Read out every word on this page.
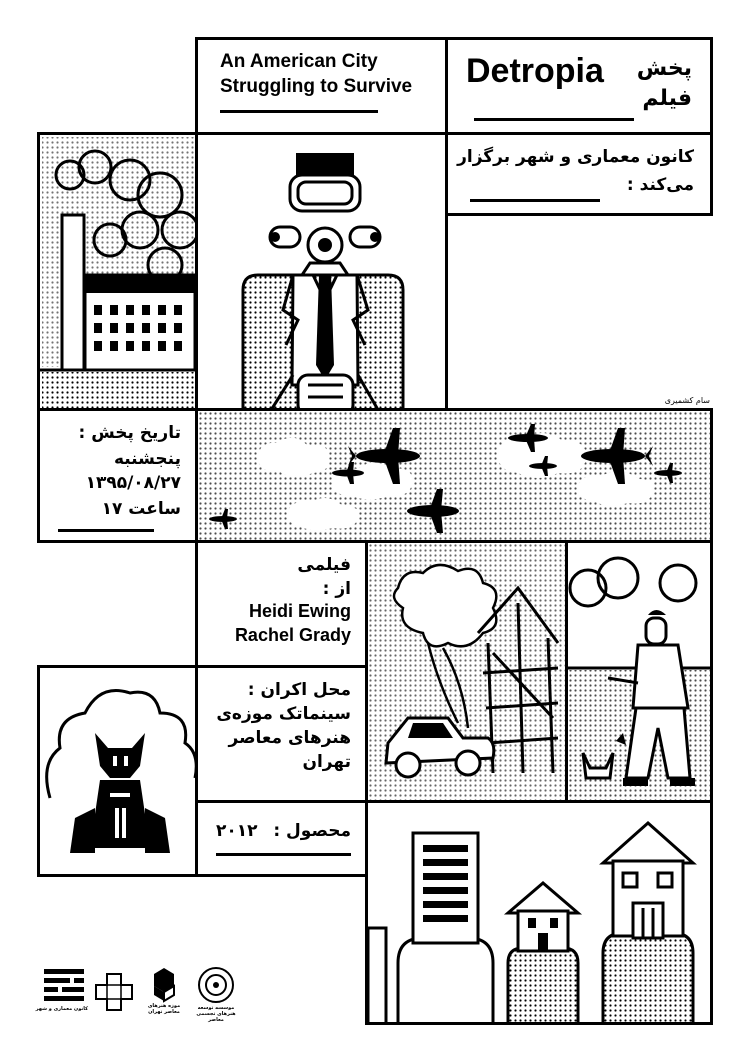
An American City
Struggling to Survive Detropia پخش
فیلم
کانون معماری و شهر برگزار
می‌کند :
سام کشمیری
تاریخ پخش :
پنجشنبه
۱۳۹۵/۰۸/۲۷
ساعت ۱۷
فیلمی
از :
Heidi Ewing
Rachel Grady
محل اکران :
سینماتک موزه‌ی
هنرهای معاصر
تهران
محصول :
۲۰۱۲
کانون معماری و شهر	موزه هنرهای معاصر تهران
موسسه توسعه هنرهای تجسمی معاصر
